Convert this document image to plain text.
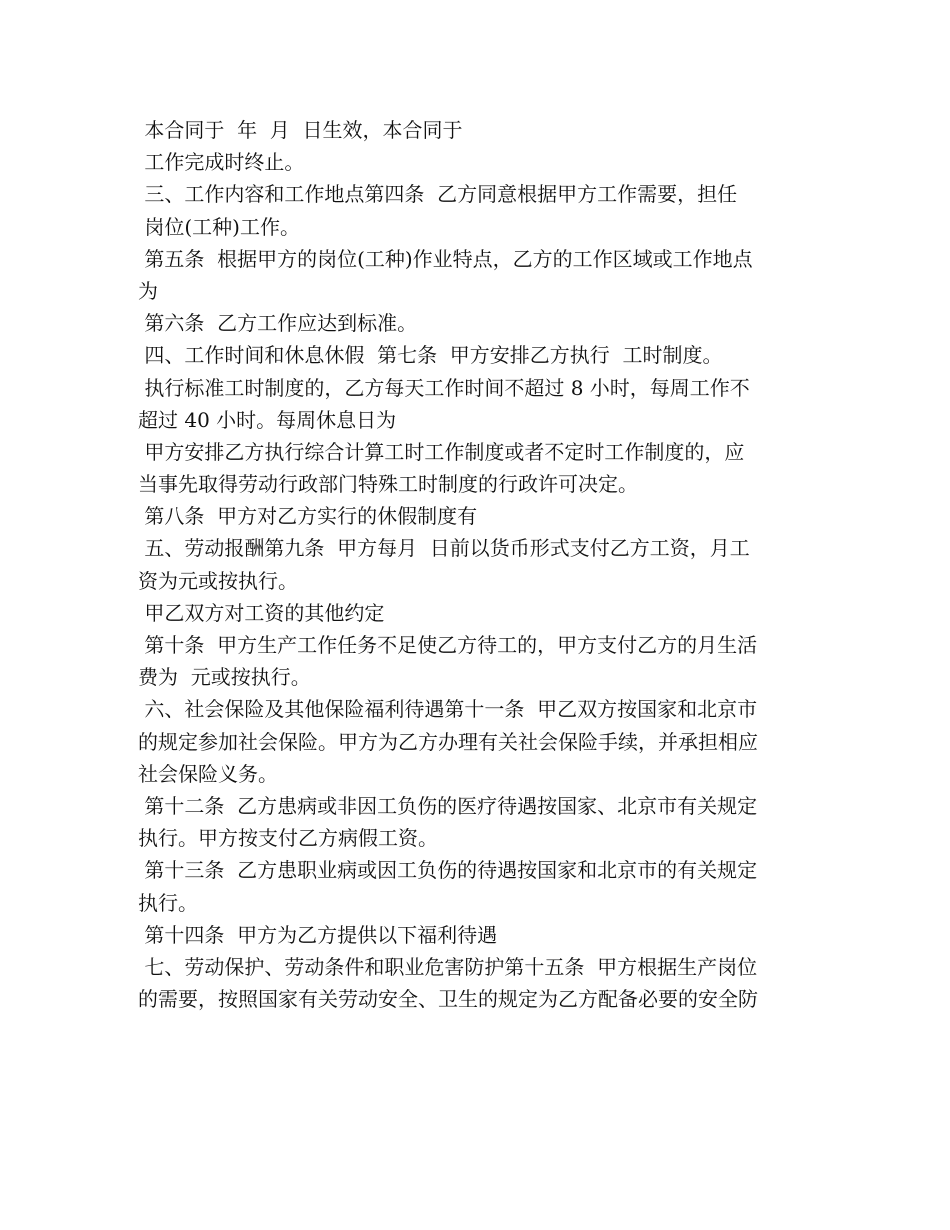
本合同于  年  月  日生效，本合同于
工作完成时终止。
三、工作内容和工作地点第四条  乙方同意根据甲方工作需要，担任
岗位(工种)工作。
第五条  根据甲方的岗位(工种)作业特点，乙方的工作区域或工作地点
为
第六条  乙方工作应达到标准。
四、工作时间和休息休假  第七条  甲方安排乙方执行  工时制度。
执行标准工时制度的，乙方每天工作时间不超过 8 小时，每周工作不
超过 40 小时。每周休息日为
甲方安排乙方执行综合计算工时工作制度或者不定时工作制度的，应
当事先取得劳动行政部门特殊工时制度的行政许可决定。
第八条  甲方对乙方实行的休假制度有
五、劳动报酬第九条  甲方每月  日前以货币形式支付乙方工资，月工
资为元或按执行。
甲乙双方对工资的其他约定
第十条  甲方生产工作任务不足使乙方待工的，甲方支付乙方的月生活
费为  元或按执行。
六、社会保险及其他保险福利待遇第十一条  甲乙双方按国家和北京市
的规定参加社会保险。甲方为乙方办理有关社会保险手续，并承担相应
社会保险义务。
第十二条  乙方患病或非因工负伤的医疗待遇按国家、北京市有关规定
执行。甲方按支付乙方病假工资。
第十三条  乙方患职业病或因工负伤的待遇按国家和北京市的有关规定
执行。
第十四条  甲方为乙方提供以下福利待遇
七、劳动保护、劳动条件和职业危害防护第十五条  甲方根据生产岗位
的需要，按照国家有关劳动安全、卫生的规定为乙方配备必要的安全防
